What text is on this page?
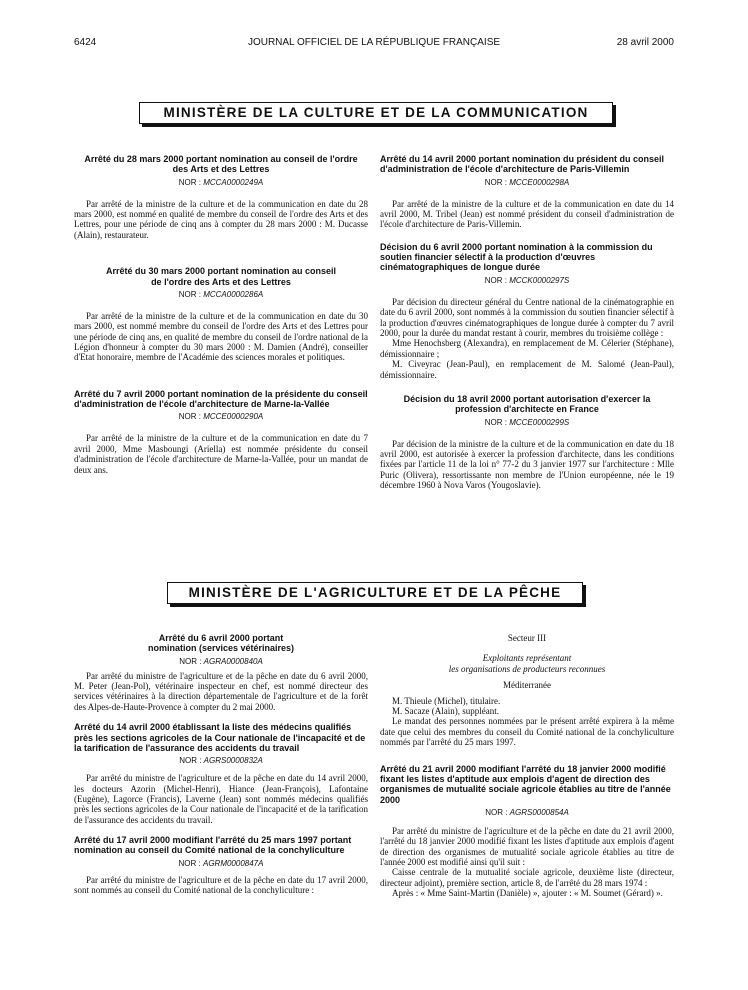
6424	JOURNAL OFFICIEL DE LA RÉPUBLIQUE FRANÇAISE	28 avril 2000
MINISTÈRE DE LA CULTURE ET DE LA COMMUNICATION

Arrêté du 28 mars 2000 portant nomination au conseil de l'ordre des Arts et des Lettres

NOR : MCCA0000249A

Par arrêté de la ministre de la culture et de la communication en date du 28 mars 2000, est nommé en qualité de membre du conseil de l'ordre des Arts et des Lettres, pour une période de cinq ans à compter du 28 mars 2000 : M. Ducasse (Alain), restaurateur.

Arrêté du 30 mars 2000 portant nomination au conseil de l'ordre des Arts et des Lettres

NOR : MCCA0000286A

Par arrêté de la ministre de la culture et de la communication en date du 30 mars 2000, est nommé membre du conseil de l'ordre des Arts et des Lettres pour une période de cinq ans, en qualité de membre du conseil de l'ordre national de la Légion d'honneur à compter du 30 mars 2000 : M. Damien (André), conseiller d'Etat honoraire, membre de l'Académie des sciences morales et politiques.

Arrêté du 7 avril 2000 portant nomination de la présidente du conseil d'administration de l'école d'architecture de Marne-la-Vallée

NOR : MCCE0000290A

Par arrêté de la ministre de la culture et de la communication en date du 7 avril 2000, Mme Masboungi (Ariella) est nommée présidente du conseil d'administration de l'école d'architecture de Marne-la-Vallée, pour un mandat de deux ans.

Arrêté du 14 avril 2000 portant nomination du président du conseil d'administration de l'école d'architecture de Paris-Villemin

NOR : MCCE0000298A

Par arrêté de la ministre de la culture et de la communication en date du 14 avril 2000, M. Tribel (Jean) est nommé président du conseil d'administration de l'école d'architecture de Paris-Villemin.

Décision du 6 avril 2000 portant nomination à la commission du soutien financier sélectif à la production d'œuvres cinématographiques de longue durée

NOR : MCCK0000297S

Par décision du directeur général du Centre national de la cinématographie en date du 6 avril 2000, sont nommés à la commission du soutien financier sélectif à la production d'œuvres cinématographiques de longue durée à compter du 7 avril 2000, pour la durée du mandat restant à courir, membres du troisième collège :

Mme Henochsberg (Alexandra), en remplacement de M. Célerier (Stéphane), démissionnaire ;

M. Civeyrac (Jean-Paul), en remplacement de M. Salomé (Jean-Paul), démissionnaire.

Décision du 18 avril 2000 portant autorisation d'exercer la profession d'architecte en France

NOR : MCCE0000299S

Par décision de la ministre de la culture et de la communication en date du 18 avril 2000, est autorisée à exercer la profession d'architecte, dans les conditions fixées par l'article 11 de la loi n° 77-2 du 3 janvier 1977 sur l'architecture : Mlle Puric (Olivera), ressortissante non membre de l'Union européenne, née le 19 décembre 1960 à Nova Varos (Yougoslavie).

MINISTÈRE DE L'AGRICULTURE ET DE LA PÊCHE

Arrêté du 6 avril 2000 portant nomination (services vétérinaires)

NOR : AGRA0000840A

Par arrêté du ministre de l'agriculture et de la pêche en date du 6 avril 2000, M. Peter (Jean-Pol), vétérinaire inspecteur en chef, est nommé directeur des services vétérinaires à la direction départementale de l'agriculture et de la forêt des Alpes-de-Haute-Provence à compter du 2 mai 2000.

Arrêté du 14 avril 2000 établissant la liste des médecins qualifiés près les sections agricoles de la Cour nationale de l'incapacité et de la tarification de l'assurance des accidents du travail

NOR : AGRS0000832A

Par arrêté du ministre de l'agriculture et de la pêche en date du 14 avril 2000, les docteurs Azorin (Michel-Henri), Hiance (Jean-François), Lafontaine (Eugène), Lagorce (Francis), Laverne (Jean) sont nommés médecins qualifiés près les sections agricoles de la Cour nationale de l'incapacité et de la tarification de l'assurance des accidents du travail.

Arrêté du 17 avril 2000 modifiant l'arrêté du 25 mars 1997 portant nomination au conseil du Comité national de la conchyliculture

NOR : AGRM0000847A

Par arrêté du ministre de l'agriculture et de la pêche en date du 17 avril 2000, sont nommés au conseil du Comité national de la conchyliculture :

Secteur III

Exploitants représentant

les organisations de producteurs reconnues

Méditerranée

M. Thieule (Michel), titulaire.

M. Sacaze (Alain), suppléant.

Le mandat des personnes nommées par le présent arrêté expirera à la même date que celui des membres du conseil du Comité national de la conchyliculture nommés par l'arrêté du 25 mars 1997.

Arrêté du 21 avril 2000 modifiant l'arrêté du 18 janvier 2000 modifié fixant les listes d'aptitude aux emplois d'agent de direction des organismes de mutualité sociale agricole établies au titre de l'année 2000

NOR : AGRS0000854A

Par arrêté du ministre de l'agriculture et de la pêche en date du 21 avril 2000, l'arrêté du 18 janvier 2000 modifié fixant les listes d'aptitude aux emplois d'agent de direction des organismes de mutualité sociale agricole établies au titre de l'année 2000 est modifié ainsi qu'il suit :

Caisse centrale de la mutualité sociale agricole, deuxième liste (directeur, directeur adjoint), première section, article 8, de l'arrêté du 28 mars 1974 :

Après : « Mme Saint-Martin (Danièle) », ajouter : « M. Soumet (Gérard) ».
